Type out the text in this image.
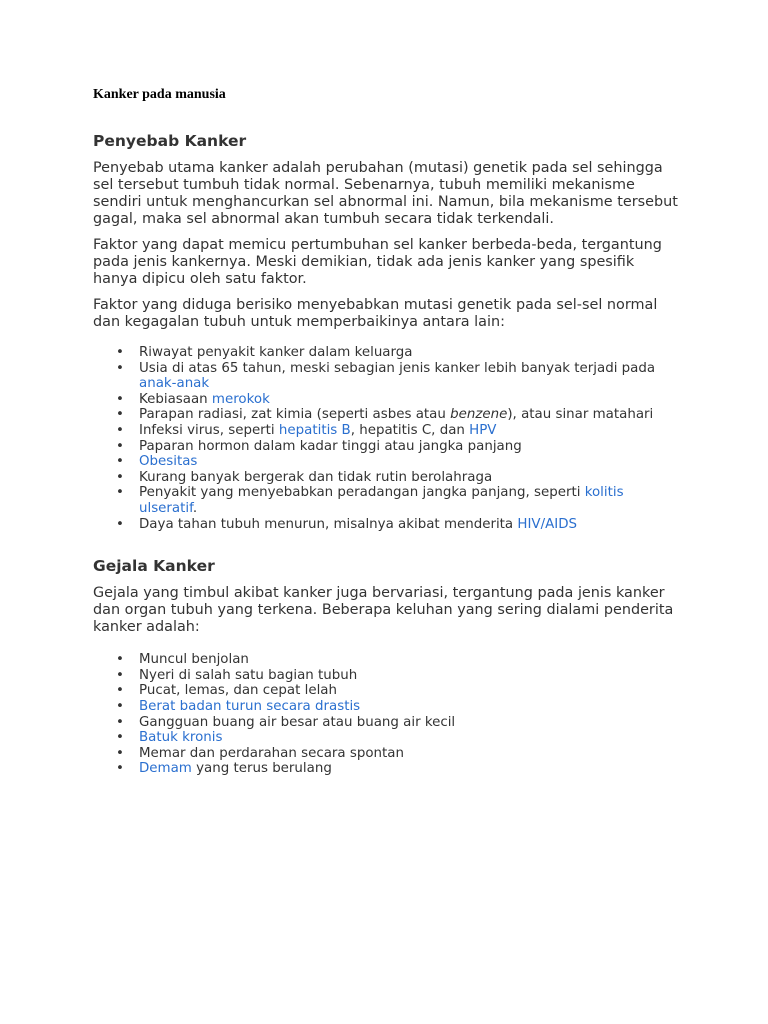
Kanker pada manusia
Penyebab Kanker

Penyebab utama kanker adalah perubahan (mutasi) genetik pada sel sehingga sel tersebut tumbuh tidak normal. Sebenarnya, tubuh memiliki mekanisme sendiri untuk menghancurkan sel abnormal ini. Namun, bila mekanisme tersebut gagal, maka sel abnormal akan tumbuh secara tidak terkendali.

Faktor yang dapat memicu pertumbuhan sel kanker berbeda-beda, tergantung pada jenis kankernya. Meski demikian, tidak ada jenis kanker yang spesifik hanya dipicu oleh satu faktor.

Faktor yang diduga berisiko menyebabkan mutasi genetik pada sel-sel normal dan kegagalan tubuh untuk memperbaikinya antara lain:

• Riwayat penyakit kanker dalam keluarga
• Usia di atas 65 tahun, meski sebagian jenis kanker lebih banyak terjadi pada anak-anak
• Kebiasaan merokok
• Parapan radiasi, zat kimia (seperti asbes atau benzene), atau sinar matahari
• Infeksi virus, seperti hepatitis B, hepatitis C, dan HPV
• Paparan hormon dalam kadar tinggi atau jangka panjang
• Obesitas
• Kurang banyak bergerak dan tidak rutin berolahraga
• Penyakit yang menyebabkan peradangan jangka panjang, seperti kolitis ulseratif.
• Daya tahan tubuh menurun, misalnya akibat menderita HIV/AIDS
Gejala Kanker

Gejala yang timbul akibat kanker juga bervariasi, tergantung pada jenis kanker dan organ tubuh yang terkena. Beberapa keluhan yang sering dialami penderita kanker adalah:

• Muncul benjolan
• Nyeri di salah satu bagian tubuh
• Pucat, lemas, dan cepat lelah
• Berat badan turun secara drastis
• Gangguan buang air besar atau buang air kecil
• Batuk kronis
• Memar dan perdarahan secara spontan
• Demam yang terus berulang
